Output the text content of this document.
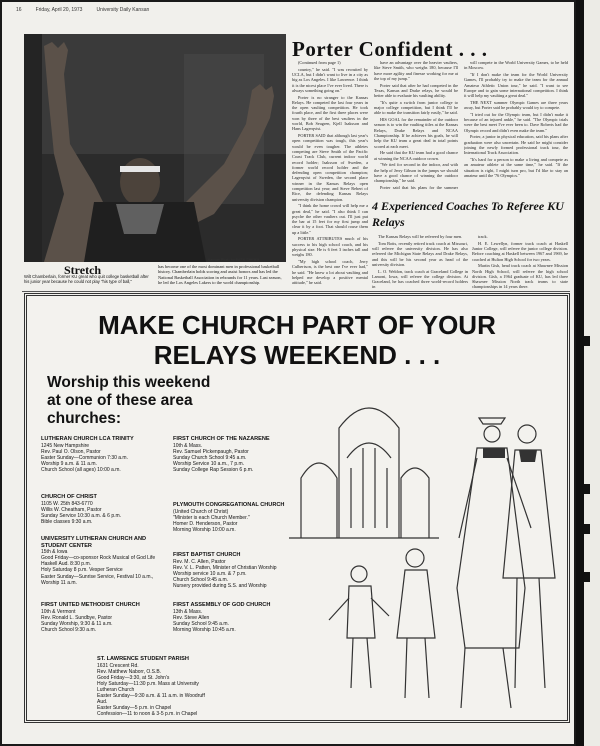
16	Friday, April 20, 1973	University Daily Kansan
Kansan Photo by BASIL SHRUM
Stretch
Wilt Chamberlain, former KU great who quit college basketball after his junior year because he could not play "his type of ball,"
has become one of the most dominant men in professional basketball history. Chamberlain holds scoring and assist honors and has led the National Basketball Association in rebounds for 11 years. Last season, he led the Los Angeles Lakers to the world championship.
Porter Confident . . .

(Continued from page 1)

country," he said. "I was recruited by UCLA, but I didn't want to live in a city as big as Los Angeles. I like Lawrence. I think it is the nicest place I've ever lived. There is always something going on."

Porter is no stranger to the Kansas Relays. He competed the last four years in the open vaulting competition. He took fourth place, and the first three places were won by three of the best vaulters in the world, Bob Seagren, Kjell Isaksson and Hans Lagerqvist.

PORTER SAID that although last year's open competition was tough, this year's would be even tougher. The athletes competing are Steve Smith of the Pacific Coast Track Club, current indoor world record holder; Isaksson of Sweden, a former world record holder and the defending open competition champion; Lagerqvist of Sweden, the second place winner in the Kansas Relays open competition last year; and Steve Rebert of Rice, the defending Kansas Relays university division champion.

"I think the home crowd will help me a great deal," he said. "I also think I can psyche the other vaulters out. I'll just put the bar at 15 feet for my first jump and clear it by a foot. That should rouse them up a little."

PORTER ATTRIBUTES much of his success to his high school coach, and his physical size. He is 6 feet 3 inches tall and weighs 180.

"My high school coach, Jerry Culbertson, is the best one I've ever had," he said. "He knew a lot about vaulting and helped me develop a positive mental attitude," he said.

have an advantage over the heavier vaulters, like Steve Smith, who weighs 180, because I'll have more agility and finesse working for me at the top of my jump."

Porter said that after he had competed in the Texas, Kansas and Drake relays, he would be better able to evaluate his vaulting ability.

"It's quite a switch from junior college to major college competition, but I think I'll be able to make the transition fairly easily," he said.

HIS GOAL for the remainder of the outdoor season is to win the vaulting titles at the Kansas Relays, Drake Relays and NCAA Championship. If he achieves his goals, he will help the KU team a great deal in total points scored at each meet.

He said that the KU team had a good chance at winning the NCAA outdoor crown.

"We tied for second in the indoor, and with the help of Jerry Gibson in the jumps we should have a good chance of winning the outdoor championship," he said.

Porter said that his plans for the summer

will compete in the World University Games, to be held in Moscow.

"If I don't make the team for the World University Games, I'll probably try to make the team for the annual Amateur Athletic Union tour," he said. "I want to see Europe and to gain some international competition. I think it will help my vaulting a great deal."

THE NEXT summer Olympic Games are three years away, but Porter said he probably would try to compete.

"I tried out for the Olympic team, but I didn't make it because of an injured ankle," he said. "The Olympic trials were the best meet I've ever been to. Dave Roberts had the Olympic record and didn't even make the team."

Porter, a junior in physical education, said his plans after graduation were also uncertain. He said he might consider joining the newly formed professional track tour, the International Track Association.

"It's hard for a person to make a living and compete as an amateur athlete at the same time," he said. "If the situation is right, I might turn pro, but I'd like to stay an amateur until the '76 Olympics."

4 Experienced Coaches To Referee KU Relays

The Kansas Relays will be refereed by four men.

Tom Botts, recently retired track coach at Missouri, will referee the university division. He has also refereed the Michigan State Relays and Drake Relays, and this will be his second year as head of the university division.

L. O. Weldon, track coach at Graceland College in Lamoni, Iowa, will referee the college division. At Graceland, he has coached three world-record holders in

track.

H. E. Lewellyn, former track coach at Haskell Junior College, will referee the junior college division. Before coaching at Haskell between 1967 and 1969, he coached at Hulton High School for two years.

Martin Gish, head track coach at Shawnee Mission North High School, will referee the high school division. Gish, a 1964 graduate of KU, has led three Shawnee Mission North track teams to state championships in 14 years there.

MAKE CHURCH PART OF YOUR
RELAYS WEEKEND . . .
Worship this weekend
at one of these area
churches:
LUTHERAN CHURCH LCA TRINITY
1245 New Hampshire
Rev. Paul O. Olson, Pastor
Easter Sunday—Communion 7:30 a.m.
Worship 9 a.m. & 11 a.m.
Church School (all ages) 10:00 a.m.
CHURCH OF CHRIST
1105 W. 25th 843-6770
Willis W. Cheatham, Pastor
Sunday Service 10:30 a.m. & 6 p.m.
Bible classes 9:30 a.m.
UNIVERSITY LUTHERAN CHURCH AND STUDENT CENTER
15th & Iowa
Good Friday—co-sponsor Rock Musical of God Life
Haskell Aud. 8:30 p.m.
Holy Saturday 8 p.m. Vesper Service
Easter Sunday—Sunrise Service, Festival 10 a.m., Worship 11 a.m.
FIRST UNITED METHODIST CHURCH
10th & Vermont
Rev. Ronald L. Sundbye, Pastor
Sunday Worship, 9:30 & 11 a.m.
Church School 9:30 a.m.
FIRST CHURCH OF THE NAZARENE
10th & Mass.
Rev. Samuel Pickenpaugh, Pastor
Sunday Church School 9:45 a.m.
Worship Service 10 a.m., 7 p.m.
Sunday College Rap Session 6 p.m.
PLYMOUTH CONGREGATIONAL CHURCH
(United Church of Christ)
"Minister is each Church Member."
Homer D. Henderson, Pastor
Morning Worship 10:00 a.m.
FIRST BAPTIST CHURCH
Rev. M. C. Allen, Pastor
Rev. V. L. Patten, Minister of Christian Worship
Worship service 10 a.m. & 7 p.m.
Church School 9:45 a.m.
Nursery provided during S.S. and Worship
FIRST ASSEMBLY OF GOD CHURCH
13th & Mass.
Rev. Steve Allen
Sunday School 9:45 a.m.
Morning Worship 10:45 a.m.
ST. LAWRENCE STUDENT PARISH
1631 Crescent Rd.
Rev. Matthew Naborr, O.S.B.
Good Friday—3:30, at St. John's
Holy Saturday—11:30 p.m. Mass at University Lutheran Church
Easter Sunday—9:30 a.m. & 11 a.m. in Woodruff Aud.
Easter Sunday—5 p.m. in Chapel
Confession—11 to noon & 3-5 p.m. in Chapel
